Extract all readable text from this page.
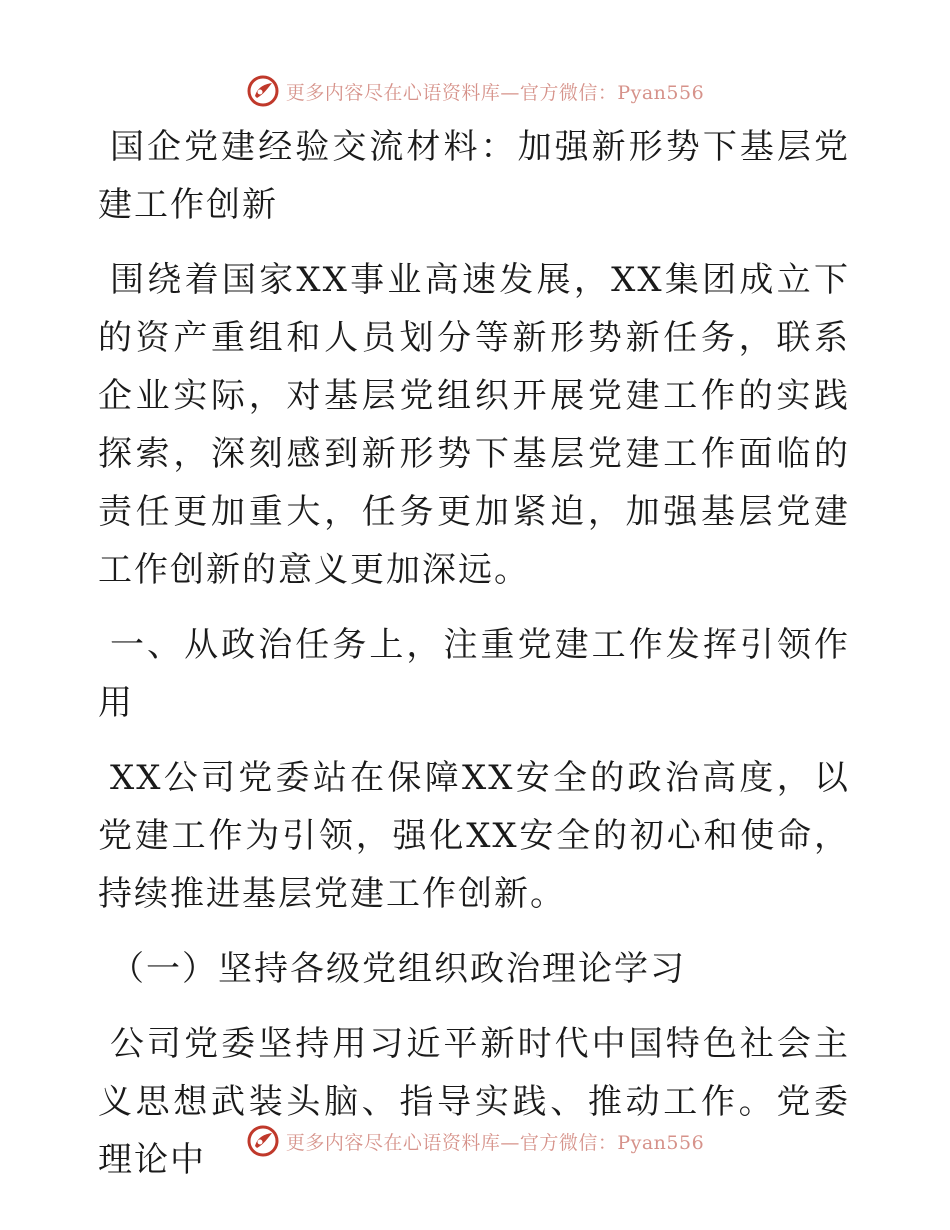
更多内容尽在心语资料库— 官方微信：Pyan556

国企党建经验交流材料：加强新形势下基层党建工作创新

围绕着国家XX事业高速发展，XX集团成立下的资产重组和人员划分等新形势新任务，联系企业实际，对基层党组织开展党建工作的实践探索，深刻感到新形势下基层党建工作面临的责任更加重大，任务更加紧迫，加强基层党建工作创新的意义更加深远。

一、从政治任务上，注重党建工作发挥引领作用

XX公司党委站在保障XX安全的政治高度，以党建工作为引领，强化XX安全的初心和使命，持续推进基层党建工作创新。

（一）坚持各级党组织政治理论学习

公司党委坚持用习近平新时代中国特色社会主义思想武装头脑、指导实践、推动工作。党委理论中	更多内容尽在心语资料库— 官方微信：Pyan556
